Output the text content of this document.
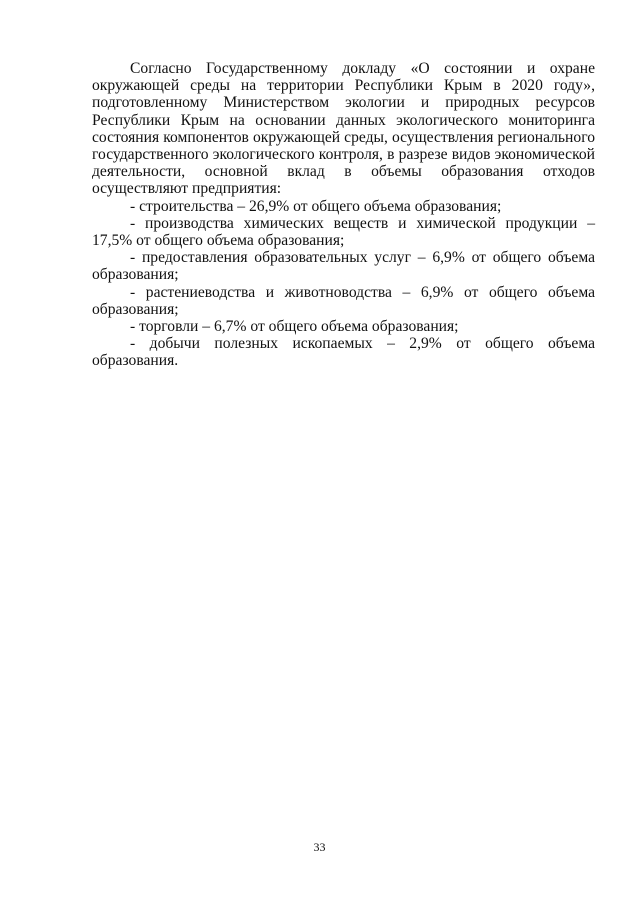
Согласно Государственному докладу «О состоянии и охране окружающей среды на территории Республики Крым в 2020 году», подготовленному Министерством экологии и природных ресурсов Республики Крым на основании данных экологического мониторинга состояния компонентов окружающей среды, осуществления регионального государственного экологического контроля, в разрезе видов экономической деятельности, основной вклад в объемы образования отходов осуществляют предприятия:

- строительства – 26,9% от общего объема образования;
- производства химических веществ и химической продукции – 17,5% от общего объема образования;
- предоставления образовательных услуг – 6,9% от общего объема образования;
- растениеводства и животноводства – 6,9% от общего объема образования;
- торговли – 6,7% от общего объема образования;
- добычи полезных ископаемых – 2,9% от общего объема образования.
33
